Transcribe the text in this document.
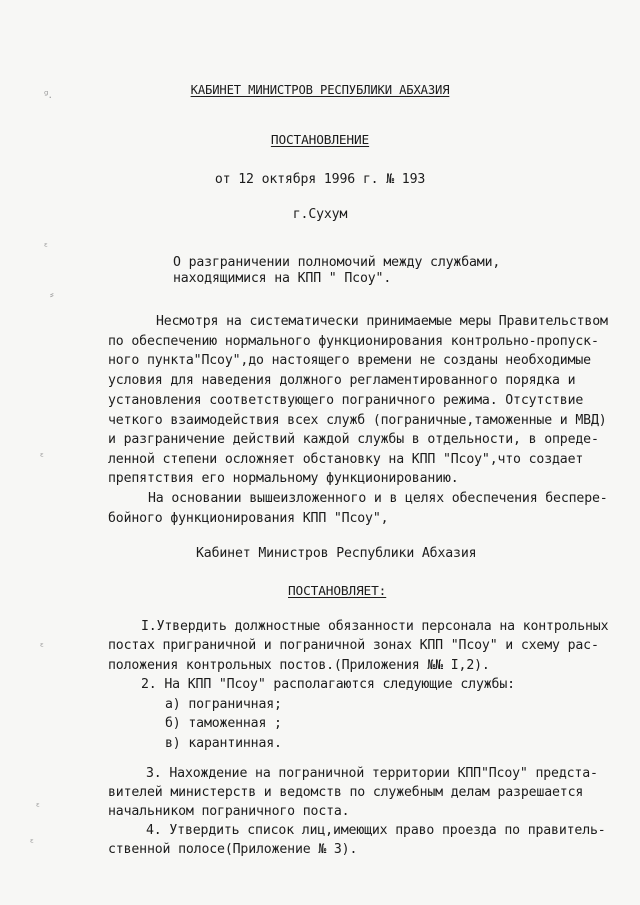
ᵍ.
ᵋ
⸗
ᵋ
ᵋ
ᵋ
ᵋ
КАБИНЕТ МИНИСТРОВ РЕСПУБЛИКИ АБХАЗИЯ
ПОСТАНОВЛЕНИЕ
от 12 октября 1996 г. № 193
г.Сухум
О разграничении полномочий между службами,
находящимися на КПП " Псоу".
Несмотря на систематически принимаемые меры Правительством
по обеспечению нормального функционирования контрольно-пропуск-
ного пункта"Псоу",до настоящего времени не созданы необходимые
условия для наведения должного регламентированного порядка и
установления соответствующего пограничного режима. Отсутствие
четкого взаимодействия всех служб (пограничные,таможенные и МВД)
и разграничение действий каждой службы в отдельности, в опреде-
ленной степени осложняет обстановку на КПП "Псоу",что создает
препятствия его нормальному функционированию.
На основании вышеизложенного и в целях обеспечения беспере-
бойного функционирования КПП "Псоу",
Кабинет Министров Республики Абхазия
ПОСТАНОВЛЯЕТ:
I.Утвердить должностные обязанности персонала на контрольных
постах приграничной и пограничной зонах КПП "Псоу" и схему рас-
положения контрольных постов.(Приложения №№ I,2).
2. На КПП "Псоу" располагаются следующие службы:
а) пограничная;
б) таможенная ;
в) карантинная.
3. Нахождение на пограничной территории КПП"Псоу" предста-
вителей министерств и ведомств по служебным делам разрешается
начальником пограничного поста.
4. Утвердить список лиц,имеющих право проезда по правитель-
ственной полосе(Приложение № 3).
